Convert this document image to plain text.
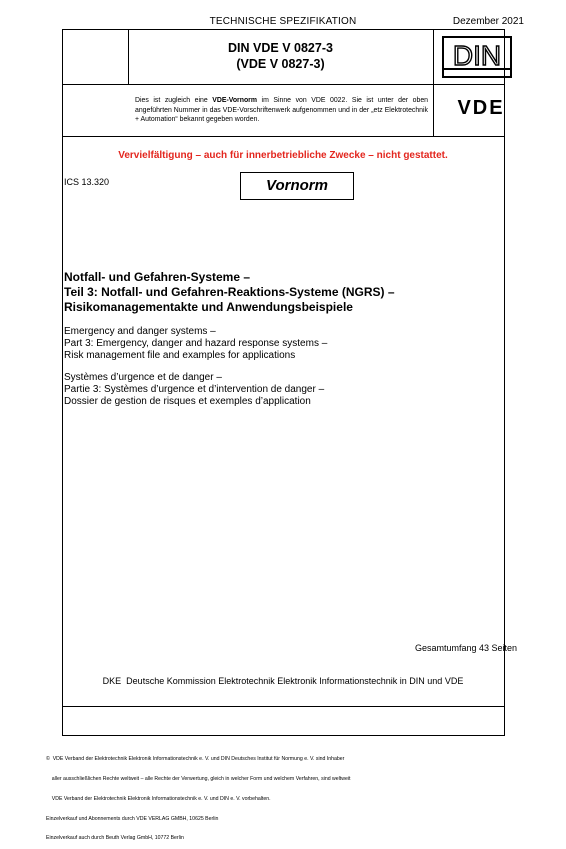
TECHNISCHE SPEZIFIKATION	Dezember 2021
DIN VDE V 0827-3
(VDE V 0827-3)	DIN
Dies ist zugleich eine VDE-Vornorm im Sinne von VDE 0022. Sie ist unter der oben angeführten Nummer in das VDE-Vorschriftenwerk aufgenommen und in der „etz Elektrotechnik + Automation“ bekannt gegeben worden.
VDE
Vervielfältigung – auch für innerbetriebliche Zwecke – nicht gestattet.
ICS 13.320	Vornorm
Notfall- und Gefahren-Systeme –
Teil 3: Notfall- und Gefahren-Reaktions-Systeme (NGRS) –
Risikomanagementakte und Anwendungsbeispiele
Emergency and danger systems –
Part 3: Emergency, danger and hazard response systems –
Risk management file and examples for applications
Systèmes d’urgence et de danger –
Partie 3: Systèmes d’urgence et d’intervention de danger –
Dossier de gestion de risques et exemples d’application
Gesamtumfang 43 Seiten
DKE  Deutsche Kommission Elektrotechnik Elektronik Informationstechnik in DIN und VDE

©  VDE Verband der Elektrotechnik Elektronik Informationstechnik e. V. und DIN Deutsches Institut für Normung e. V. sind Inhaber

aller ausschließlichen Rechte weltweit – alle Rechte der Verwertung, gleich in welcher Form und welchem Verfahren, sind weltweit

VDE Verband der Elektrotechnik Elektronik Informationstechnik e. V. und DIN e. V. vorbehalten.

Einzelverkauf und Abonnements durch VDE VERLAG GMBH, 10625 Berlin

Einzelverkauf auch durch Beuth Verlag GmbH, 10772 Berlin
